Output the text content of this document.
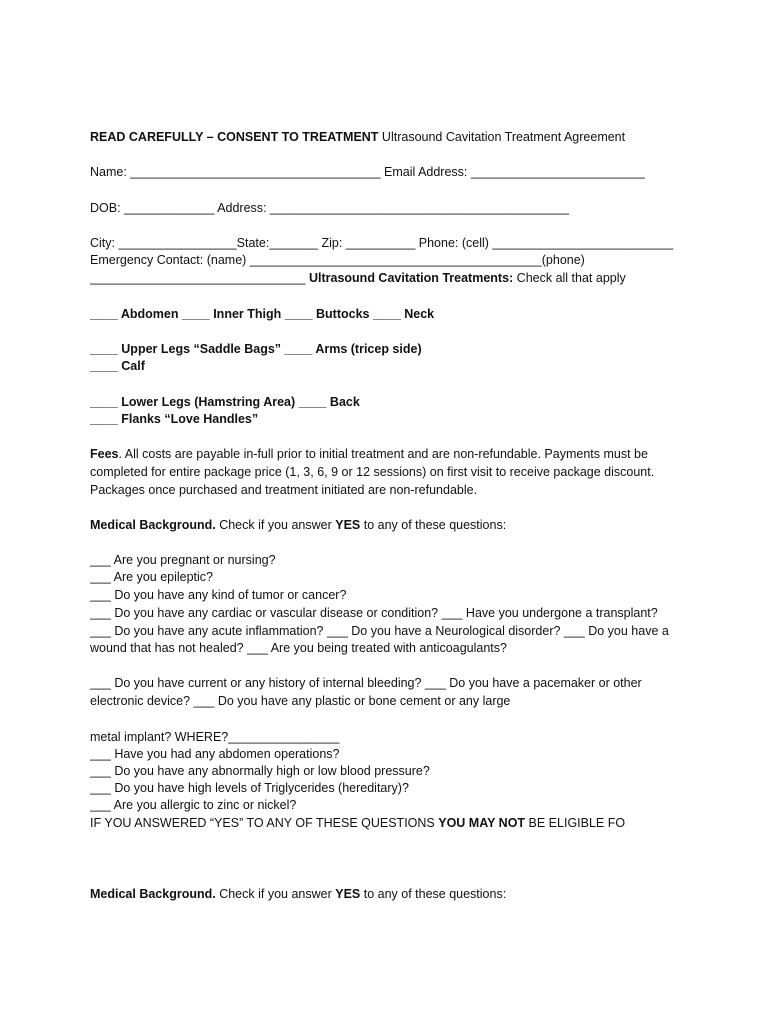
READ CAREFULLY – CONSENT TO TREATMENT Ultrasound Cavitation Treatment Agreement
Name: ____________________________________ Email Address: _________________________
DOB: _____________ Address: ___________________________________________
City: _________________State:_______ Zip: __________ Phone: (cell) __________________________
Emergency Contact: (name) __________________________________________(phone)
_______________________________ Ultrasound Cavitation Treatments: Check all that apply
____ Abdomen ____ Inner Thigh ____ Buttocks ____ Neck
____ Upper Legs “Saddle Bags” ____ Arms (tricep side)
____ Calf
____ Lower Legs (Hamstring Area) ____ Back
____ Flanks “Love Handles”
Fees. All costs are payable in-full prior to initial treatment and are non-refundable. Payments must be
completed for entire package price (1, 3, 6, 9 or 12 sessions) on first visit to receive package discount.
Packages once purchased and treatment initiated are non-refundable.
Medical Background. Check if you answer YES to any of these questions:
___ Are you pregnant or nursing?
___ Are you epileptic?
___ Do you have any kind of tumor or cancer?
___ Do you have any cardiac or vascular disease or condition? ___ Have you undergone a transplant?
___ Do you have any acute inflammation? ___ Do you have a Neurological disorder? ___ Do you have a
wound that has not healed? ___ Are you being treated with anticoagulants?
___ Do you have current or any history of internal bleeding? ___ Do you have a pacemaker or other
electronic device? ___ Do you have any plastic or bone cement or any large
metal implant? WHERE?________________
___ Have you had any abdomen operations?
___ Do you have any abnormally high or low blood pressure?
___ Do you have high levels of Triglycerides (hereditary)?
___ Are you allergic to zinc or nickel?
IF YOU ANSWERED “YES” TO ANY OF THESE QUESTIONS YOU MAY NOT BE ELIGIBLE FO
Medical Background. Check if you answer YES to any of these questions:
